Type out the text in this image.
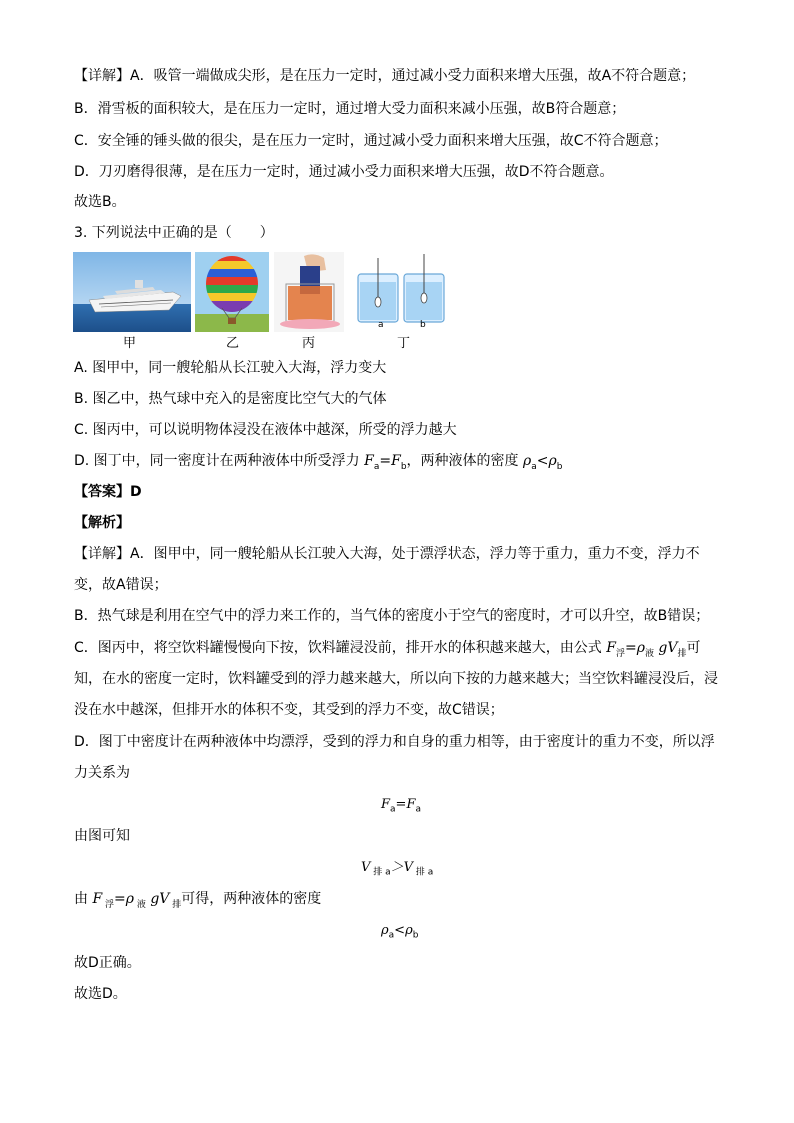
【详解】A．吸管一端做成尖形，是在压力一定时，通过减小受力面积来增大压强，故A不符合题意；
B．滑雪板的面积较大，是在压力一定时，通过增大受力面积来减小压强，故B符合题意；
C．安全锤的锤头做的很尖，是在压力一定时，通过减小受力面积来增大压强，故C不符合题意；
D．刀刃磨得很薄，是在压力一定时，通过减小受力面积来增大压强，故D不符合题意。
故选B。
3. 下列说法中正确的是（　　）
a	b
甲	乙	丙	丁
A. 图甲中，同一艘轮船从长江驶入大海，浮力变大
B. 图乙中，热气球中充入的是密度比空气大的气体
C. 图丙中，可以说明物体浸没在液体中越深，所受的浮力越大
D. 图丁中，同一密度计在两种液体中所受浮力 $F_a=F_b$，两种液体的密度 $\rho_a<\rho_b$
【答案】D
【解析】
【详解】A．图甲中，同一艘轮船从长江驶入大海，处于漂浮状态，浮力等于重力，重力不变，浮力不
变，故A错误；
B．热气球是利用在空气中的浮力来工作的，当气体的密度小于空气的密度时，才可以升空，故B错误；
C．图丙中，将空饮料罐慢慢向下按，饮料罐浸没前，排开水的体积越来越大，由公式 $F_浮=\rho_液$ $gV_排$可
知，在水的密度一定时，饮料罐受到的浮力越来越大，所以向下按的力越来越大；当空饮料罐浸没后，浸
没在水中越深，但排开水的体积不变，其受到的浮力不变，故C错误；
D．图丁中密度计在两种液体中均漂浮，受到的浮力和自身的重力相等，由于密度计的重力不变，所以浮
力关系为
$F_a=F_a$
由图可知
V $_{排 a}$＞V $_{排 a}$
由 F $_浮$=ρ $_液$ gV $_排$可得，两种液体的密度
$\rho_a<\rho_b$
故D正确。
故选D。
